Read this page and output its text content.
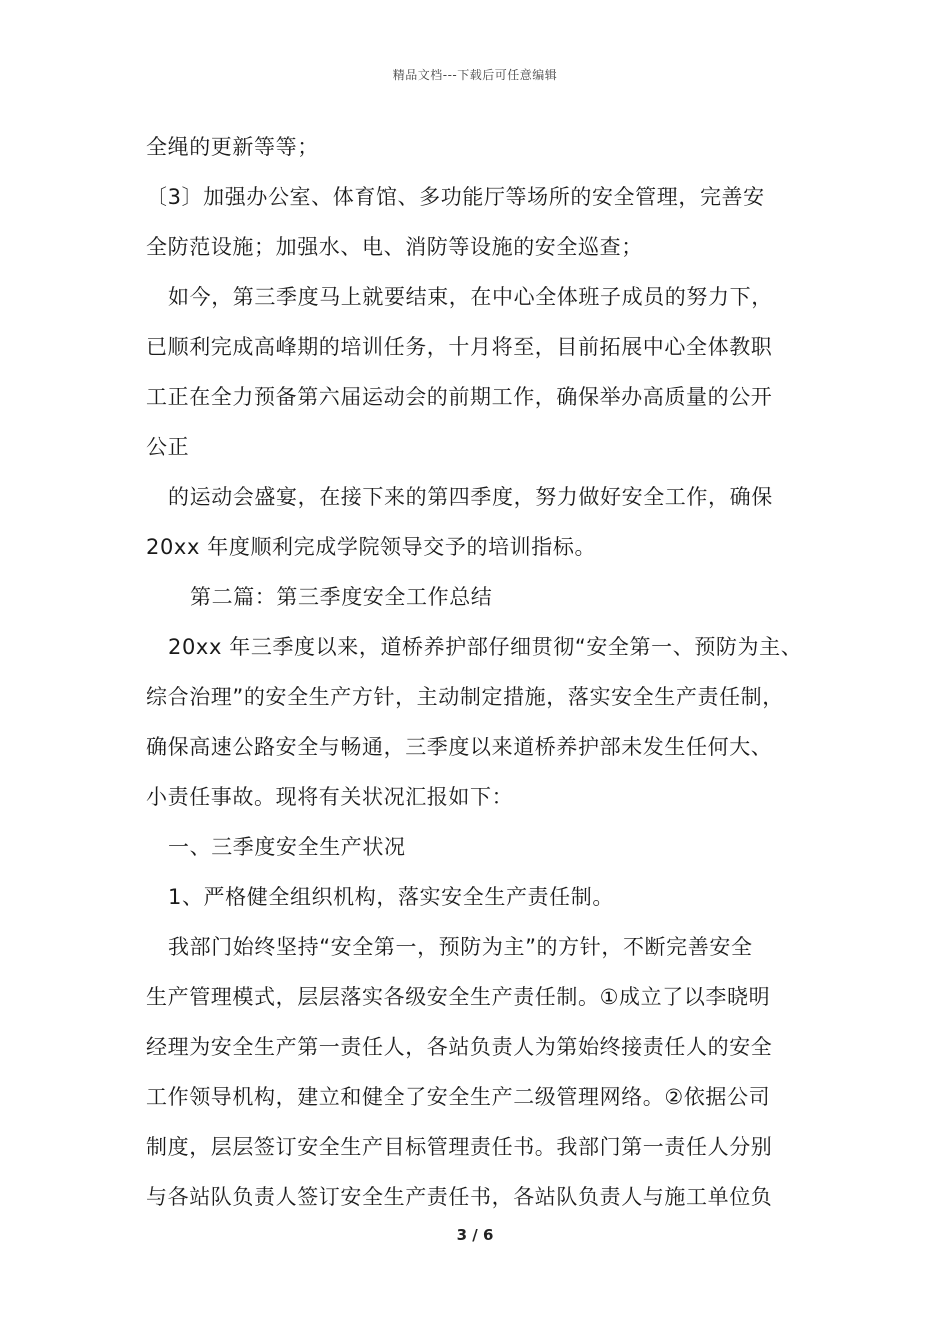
精品文档---下载后可任意编辑
全绳的更新等等；
〔3〕加强办公室、体育馆、多功能厅等场所的安全管理，完善安
全防范设施；加强水、电、消防等设施的安全巡查；
如今，第三季度马上就要结束，在中心全体班子成员的努力下，
已顺利完成高峰期的培训任务，十月将至，目前拓展中心全体教职
工正在全力预备第六届运动会的前期工作，确保举办高质量的公开
公正
的运动会盛宴，在接下来的第四季度，努力做好安全工作，确保
20xx 年度顺利完成学院领导交予的培训指标。
第二篇：第三季度安全工作总结
20xx 年三季度以来，道桥养护部仔细贯彻“安全第一、预防为主、
综合治理”的安全生产方针，主动制定措施，落实安全生产责任制，
确保高速公路安全与畅通，三季度以来道桥养护部未发生任何大、
小责任事故。现将有关状况汇报如下：
一、三季度安全生产状况
1、严格健全组织机构，落实安全生产责任制。
我部门始终坚持“安全第一，预防为主”的方针，不断完善安全
生产管理模式，层层落实各级安全生产责任制。①成立了以李晓明
经理为安全生产第一责任人，各站负责人为第始终接责任人的安全
工作领导机构，建立和健全了安全生产二级管理网络。②依据公司
制度，层层签订安全生产目标管理责任书。我部门第一责任人分别
与各站队负责人签订安全生产责任书，各站队负责人与施工单位负
3 / 6
